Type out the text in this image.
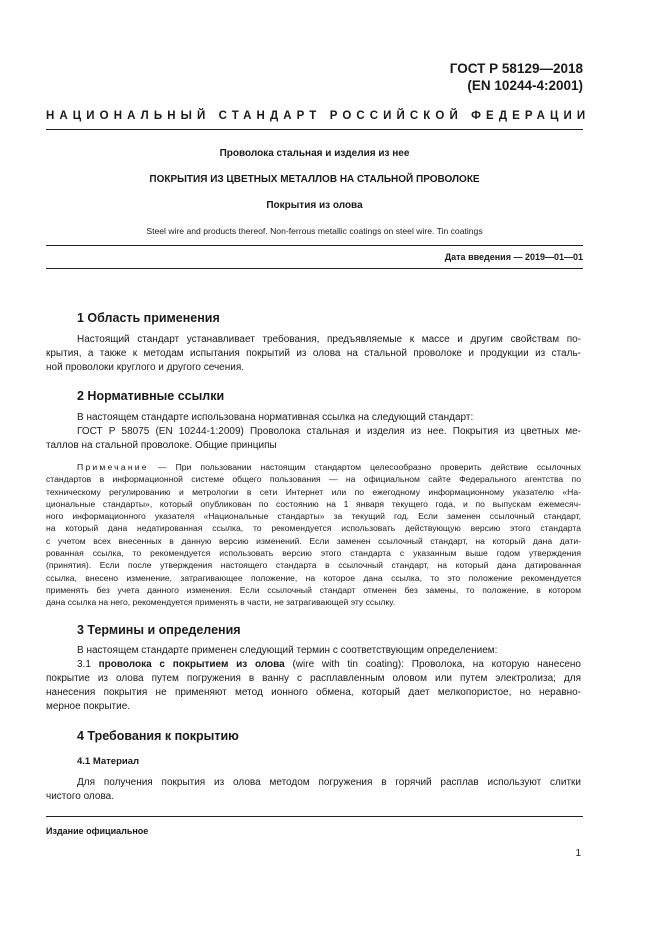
ГОСТ Р 58129—2018
(EN 10244-4:2001)
НАЦИОНАЛЬНЫЙ СТАНДАРТ РОССИЙСКОЙ ФЕДЕРАЦИИ
Проволока стальная и изделия из нее
ПОКРЫТИЯ ИЗ ЦВЕТНЫХ МЕТАЛЛОВ НА СТАЛЬНОЙ ПРОВОЛОКЕ
Покрытия из олова
Steel wire and products thereof. Non-ferrous metallic coatings on steel wire. Tin coatings
Дата введения — 2019—01—01
1 Область применения
Настоящий стандарт устанавливает требования, предъявляемые к массе и другим свойствам по-
крытия, а также к методам испытания покрытий из олова на стальной проволоке и продукции из сталь-
ной проволоки круглого и другого сечения.
2 Нормативные ссылки
В настоящем стандарте использована нормативная ссылка на следующий стандарт:
ГОСТ Р 58075 (EN 10244-1:2009) Проволока стальная и изделия из нее. Покрытия из цветных ме-
таллов на стальной проволоке. Общие принципы
Примечание — При пользовании настоящим стандартом целесообразно проверить действие ссылочных
стандартов в информационной системе общего пользования — на официальном сайте Федерального агентства по
техническому регулированию и метрологии в сети Интернет или по ежегодному информационному указателю «На-
циональные стандарты», который опубликован по состоянию на 1 января текущего года, и по выпускам ежемесяч-
ного информационного указателя «Национальные стандарты» за текущий год. Если заменен ссылочный стандарт,
на который дана недатированная ссылка, то рекомендуется использовать действующую версию этого стандарта
с учетом всех внесенных в данную версию изменений. Если заменен ссылочный стандарт, на который дана дати-
рованная ссылка, то рекомендуется использовать версию этого стандарта с указанным выше годом утверждения
(принятия). Если после утверждения настоящего стандарта в ссылочный стандарт, на который дана датированная
ссылка, внесено изменение, затрагивающее положение, на которое дана ссылка, то это положение рекомендуется
применять без учета данного изменения. Если ссылочный стандарт отменен без замены, то положение, в котором
дана ссылка на него, рекомендуется применять в части, не затрагивающей эту ссылку.
3 Термины и определения
В настоящем стандарте применен следующий термин с соответствующим определением:
3.1 проволока с покрытием из олова (wire with tin coating): Проволока, на которую нанесено
покрытие из олова путем погружения в ванну с расплавленным оловом или путем электролиза; для
нанесения покрытия не применяют метод ионного обмена, который дает мелкопористое, но неравно-
мерное покрытие.
4 Требования к покрытию
4.1 Материал
Для получения покрытия из олова методом погружения в горячий расплав используют слитки
чистого олова.
Издание официальное
1
